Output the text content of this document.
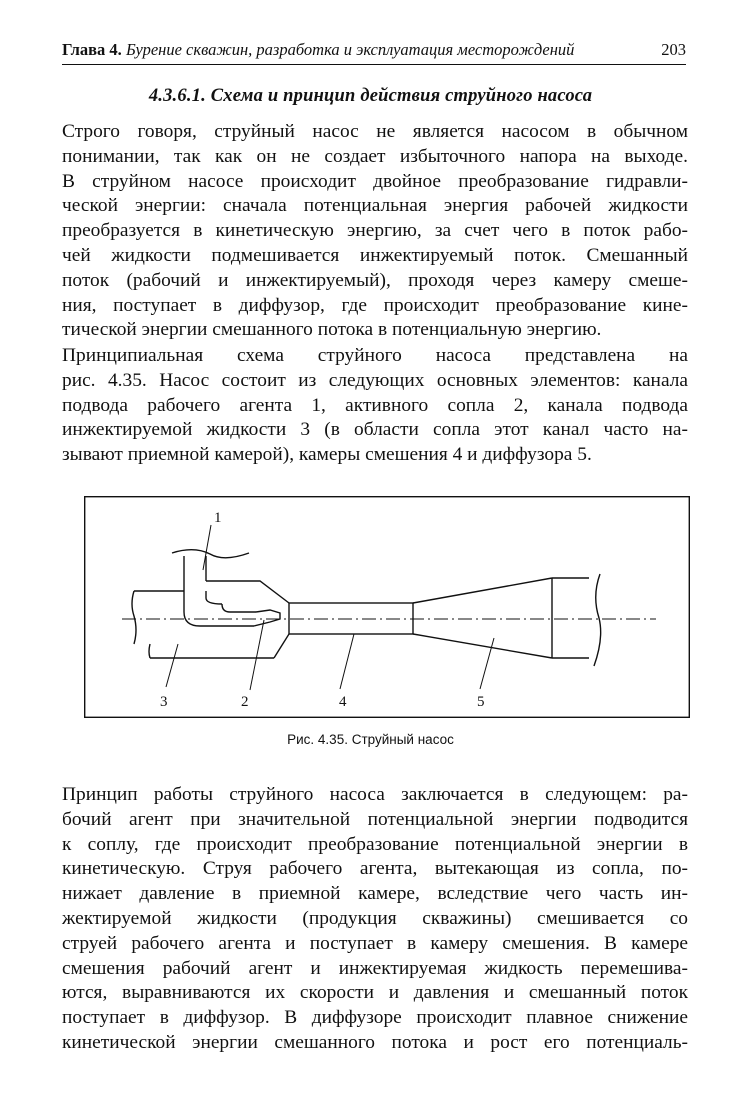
Глава 4. Бурение скважин, разработка и эксплуатация месторождений	203
4.3.6.1. Схема и принцип действия струйного насоса
Строго говоря, струйный насос не является насосом в обычном
понимании, так как он не создает избыточного напора на выходе.
В струйном насосе происходит двойное преобразование гидравли-
ческой энергии: сначала потенциальная энергия рабочей жидкости
преобразуется в кинетическую энергию, за счет чего в поток рабо-
чей жидкости подмешивается инжектируемый поток. Смешанный
поток (рабочий и инжектируемый), проходя через камеру смеше-
ния, поступает в диффузор, где происходит преобразование кине-
тической энергии смешанного потока в потенциальную энергию.
Принципиальная схема струйного насоса представлена на
рис. 4.35. Насос состоит из следующих основных элементов: канала
подвода рабочего агента 1, активного сопла 2, канала подвода
инжектируемой жидкости 3 (в области сопла этот канал часто на-
зывают приемной камерой), камеры смешения 4 и диффузора 5.
1
2
3	4	5
Рис. 4.35. Струйный насос
Принцип работы струйного насоса заключается в следующем: ра-
бочий агент при значительной потенциальной энергии подводится
к соплу, где происходит преобразование потенциальной энергии в
кинетическую. Струя рабочего агента, вытекающая из сопла, по-
нижает давление в приемной камере, вследствие чего часть ин-
жектируемой жидкости (продукция скважины) смешивается со
струей рабочего агента и поступает в камеру смешения. В камере
смешения рабочий агент и инжектируемая жидкость перемешива-
ются, выравниваются их скорости и давления и смешанный поток
поступает в диффузор. В диффузоре происходит плавное снижение
кинетической энергии смешанного потока и рост его потенциаль-
